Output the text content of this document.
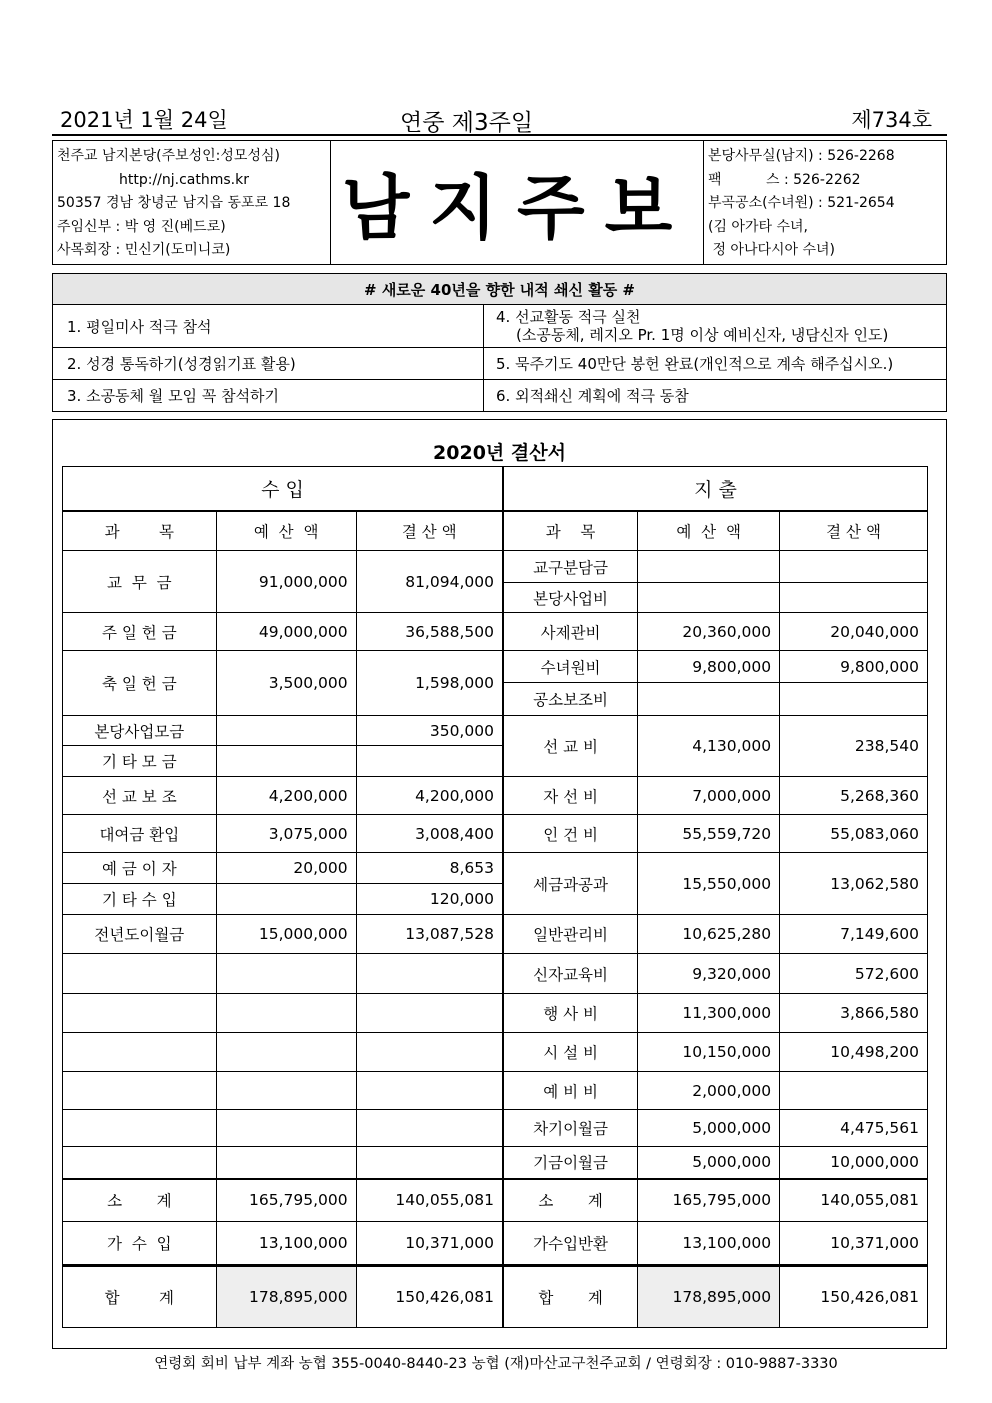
2021년 1월 24일	연중 제3주일	제734호
천주교 남지본당(주보성인:성모성심)
http://nj.cathms.kr
50357 경남 창녕군 남지읍 동포로 18
주임신부 : 박 영 진(베드로)
사목회장 : 민신기(도미니코)
남지주보
본당사무실(남지) : 526-2268
팩          스 : 526-2262
부곡공소(수녀원) : 521-2654
(김 아가타 수녀,
정 아나다시아 수녀)
# 새로운 40년을 향한 내적 쇄신 활동 #	
1. 평일미사 적극 참석	4. 선교활동 적극 실천
(소공동체, 레지오 Pr. 1명 이상 예비신자, 냉담신자 인도)

2. 성경 통독하기(성경읽기표 활용)	5. 묵주기도 40만단 봉헌 완료(개인적으로 계속 해주십시오.)
3. 소공동체 월 모임 꼭 참석하기	6. 외적쇄신 계획에 적극 동참
2020년 결산서
수 입			지 출		
과        목	예  산  액	결 산 액	과    목	예  산  액	결 산 액
교  무  금	91,000,000	81,094,000	교구분담금		
			본당사업비		
주 일 헌 금	49,000,000	36,588,500	사제관비	20,360,000	20,040,000
축 일 헌 금	3,500,000	1,598,000	수녀원비	9,800,000	9,800,000
			공소보조비		
본당사업모금		350,000	선 교 비	4,130,000	238,540
기 타 모 금					
선 교 보 조	4,200,000	4,200,000	자 선 비	7,000,000	5,268,360
대여금 환입	3,075,000	3,008,400	인 건 비	55,559,720	55,083,060
예 금 이 자	20,000	8,653	세금과공과	15,550,000	13,062,580
기 타 수 입		120,000			
전년도이월금	15,000,000	13,087,528	일반관리비	10,625,280	7,149,600
			신자교육비	9,320,000	572,600
			행 사 비	11,300,000	3,866,580
			시 설 비	10,150,000	10,498,200
			예 비 비	2,000,000	
			차기이월금	5,000,000	4,475,561
			기금이월금	5,000,000	10,000,000
소       계	165,795,000	140,055,081	소       계	165,795,000	140,055,081
가  수  입	13,100,000	10,371,000	가수입반환	13,100,000	10,371,000
합        계	178,895,000	150,426,081	합       계	178,895,000	150,426,081
연령회 회비 납부 계좌 농협 355-0040-8440-23 농협 (재)마산교구천주교회 / 연령회장 : 010-9887-3330
